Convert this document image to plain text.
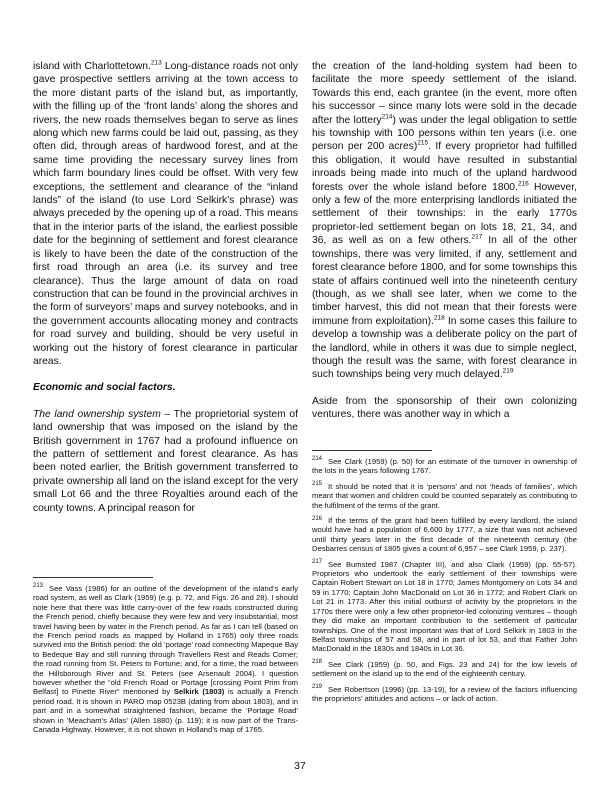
island with Charlottetown.$^{213}$ Long-distance roads not only gave prospective settlers arriving at the town access to the more distant parts of the island but, as importantly, with the filling up of the ‘front lands’ along the shores and rivers, the new roads themselves began to serve as lines along which new farms could be laid out, passing, as they often did, through areas of hardwood forest, and at the same time providing the necessary survey lines from which farm boundary lines could be offset. With very few exceptions, the settlement and clearance of the “inland lands” of the island (to use Lord Selkirk’s phrase) was always preceded by the opening up of a road. This means that in the interior parts of the island, the earliest possible date for the beginning of settlement and forest clearance is likely to have been the date of the construction of the first road through an area (i.e. its survey and tree clearance). Thus the large amount of data on road construction that can be found in the provincial archives in the form of surveyors’ maps and survey notebooks, and in the government accounts allocating money and contracts for road survey and building, should be very useful in working out the history of forest clearance in particular areas.

Economic and social factors.

The land ownership system – The proprietorial system of land ownership that was imposed on the island by the British government in 1767 had a profound influence on the pattern of settlement and forest clearance. As has been noted earlier, the British government transferred to private ownership all land on the island except for the very small Lot 66 and the three Royalties around each of the county towns. A principal reason for

the creation of the land-holding system had been to facilitate the more speedy settlement of the island. Towards this end, each grantee (in the event, more often his successor – since many lots were sold in the decade after the lottery$^{214}$) was under the legal obligation to settle his township with 100 persons within ten years (i.e. one person per 200 acres)$^{215}$. If every proprietor had fulfilled this obligation, it would have resulted in substantial inroads being made into much of the upland hardwood forests over the whole island before 1800.$^{216}$ However, only a few of the more enterprising landlords initiated the settlement of their townships: in the early 1770s proprietor-led settlement began on lots 18, 21, 34, and 36, as well as on a few others.$^{217}$ In all of the other townships, there was very limited, if any, settlement and forest clearance before 1800, and for some townships this state of affairs continued well into the nineteenth century (though, as we shall see later, when we come to the timber harvest, this did not mean that their forests were immune from exploitation).$^{218}$ In some cases this failure to develop a township was a deliberate policy on the part of the landlord, while in others it was due to simple neglect, though the result was the same, with forest clearance in such townships being very much delayed.$^{219}$

Aside from the sponsorship of their own colonizing ventures, there was another way in which a

$^{213}$ See Vass (1986) for an outline of the development of the island’s early road system, as well as Clark (1959) (e.g. p. 72, and Figs. 26 and 28). I should note here that there was little carry-over of the few roads constructed during the French period, chiefly because they were few and very insubstantial, most travel having been by water in the French period. As far as I can tell (based on the French period roads as mapped by Holland in 1765) only three roads survived into the British period: the old ‘portage’ road connecting Mapeque Bay to Bedeque Bay and still running through Travellers Rest and Reads Corner; the road running from St. Peters to Fortune; and, for a time, the road between the Hillsborough River and St. Peters (see Arsenault 2004). I question however whether the “old French Road or Portage [crossing Point Prim from Belfast] to Pinette River” mentioned by Selkirk (1803) is actually a French period road. It is shown in PARO map 0523B (dating from about 1803), and in part and in a somewhat straightened fashion, became the ‘Portage Road’ shown in ‘Meacham’s Atlas’ (Allen 1880) (p. 119); it is now part of the Trans-Canada Highway. However, it is not shown in Holland’s map of 1765.

$^{214}$ See Clark (1959) (p. 50) for an estimate of the turnover in ownership of the lots in the years following 1767.

$^{215}$ It should be noted that it is ‘persons’ and not ‘heads of families’, which meant that women and children could be counted separately as contributing to the fulfilment of the terms of the grant.

$^{216}$ If the terms of the grant had been fulfilled by every landlord, the island would have had a population of 6,600 by 1777, a size that was not achieved until thirty years later in the first decade of the nineteenth century (the Desbarres census of 1805 gives a count of 6,957 – see Clark 1959, p. 237).

$^{217}$ See Bumsted 1987 (Chapter III), and also Clark (1959) (pp. 55-57). Proprietors who undertook the early settlement of their townships were Captain Robert Stewart on Lot 18 in 1770; James Montgomery on Lots 34 and 59 in 1770; Captain John MacDonald on Lot 36 in 1772; and Robert Clark on Lot 21 in 1773. After this initial outburst of activity by the proprietors in the 1770s there were only a few other proprietor-led colonizing ventures – though they did make an important contribution to the settlement of particular townships. One of the most important was that of Lord Selkirk in 1803 in the Belfast townships of 57 and 58, and in part of lot 53, and that Father John MacDonald in the 1830s and 1840s in Lot 36.

$^{218}$ See Clark (1959) (p. 50, and Figs. 23 and 24) for the low levels of settlement on the island up to the end of the eighteenth century.

$^{219}$ See Robertson (1996) (pp. 13-19), for a review of the factors influencing the proprietors’ attitudes and actions – or lack of action.

37
